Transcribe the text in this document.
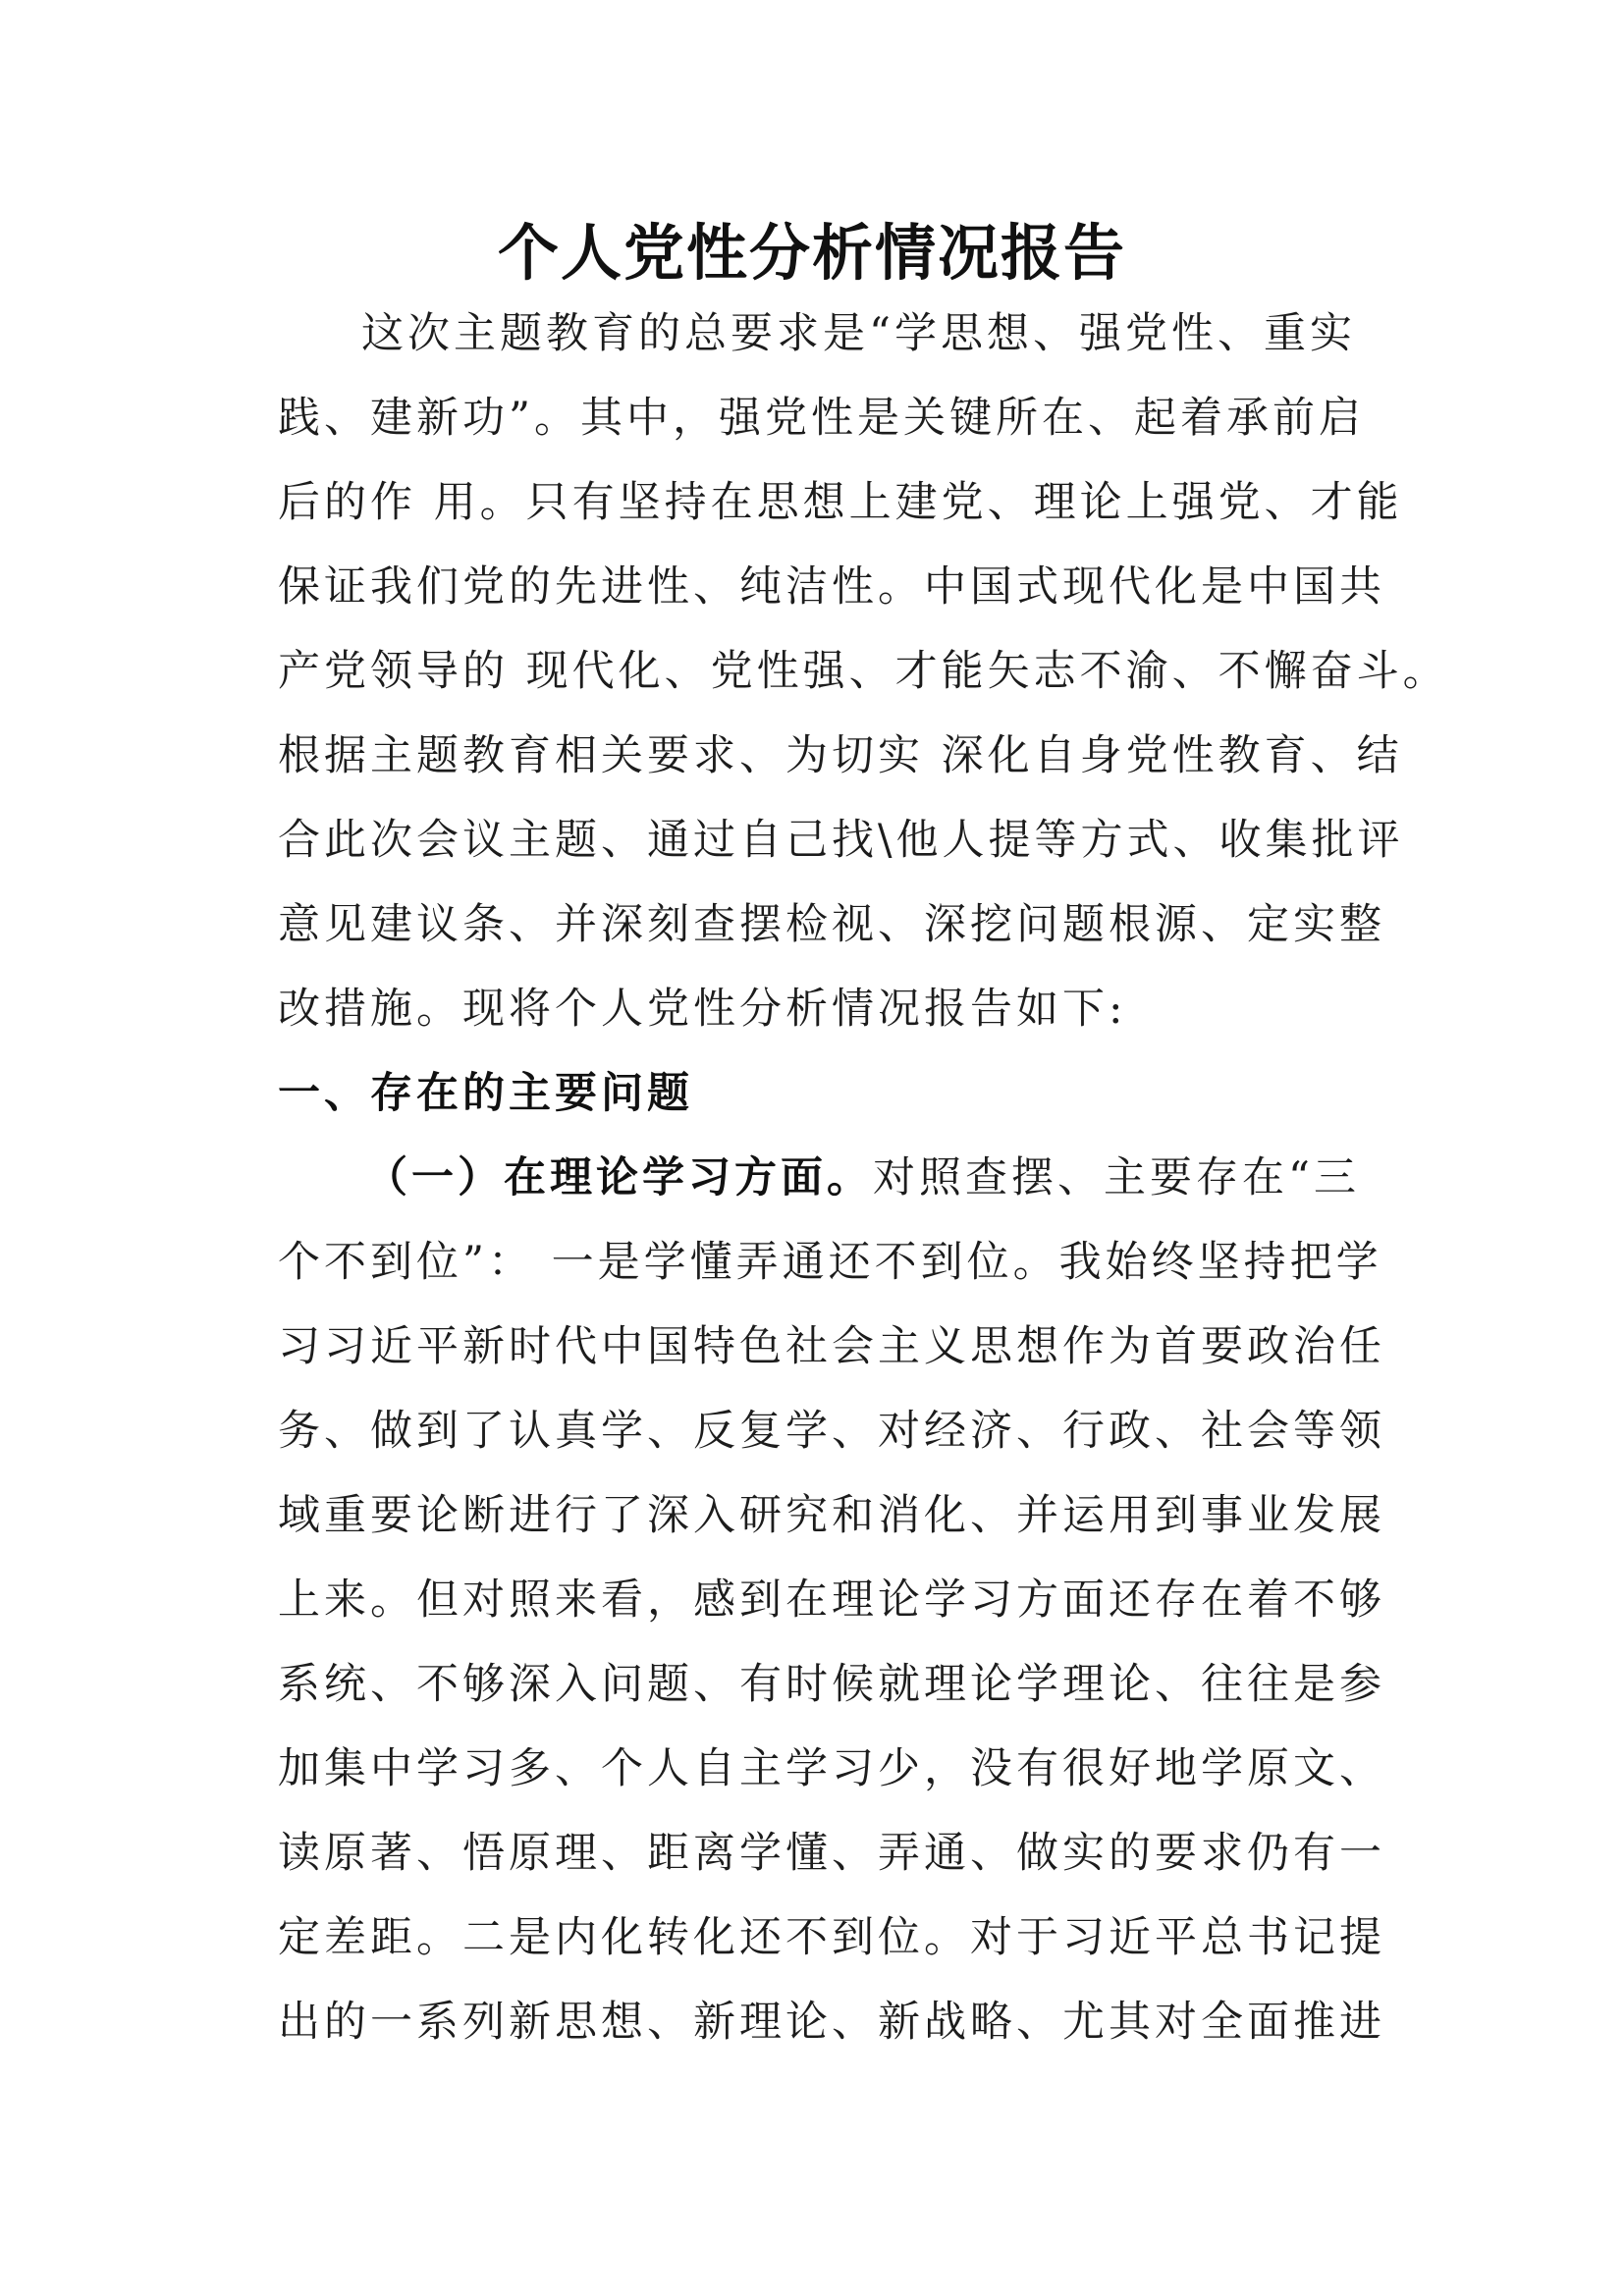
个人党性分析情况报告
这次主题教育的总要求是“学思想、强党性、重实
践、建新功”。其中，强党性是关键所在、起着承前启
后的作 用。只有坚持在思想上建党、理论上强党、才能
保证我们党的先进性、纯洁性。中国式现代化是中国共
产党领导的 现代化、党性强、才能矢志不渝、不懈奋斗。
根据主题教育相关要求、为切实 深化自身党性教育、结
合此次会议主题、通过自己找\他人提等方式、收集批评
意见建议条、并深刻查摆检视、深挖问题根源、定实整
改措施。现将个人党性分析情况报告如下:
一、存在的主要问题
（一）在理论学习方面。对照查摆、主要存在“三
个不到位”： 一是学懂弄通还不到位。我始终坚持把学
习习近平新时代中国特色社会主义思想作为首要政治任
务、做到了认真学、反复学、对经济、行政、社会等领
域重要论断进行了深入研究和消化、并运用到事业发展
上来。但对照来看，感到在理论学习方面还存在着不够
系统、不够深入问题、有时候就理论学理论、往往是参
加集中学习多、个人自主学习少，没有很好地学原文、
读原著、悟原理、距离学懂、弄通、做实的要求仍有一
定差距。二是内化转化还不到位。对于习近平总书记提
出的一系列新思想、新理论、新战略、尤其对全面推进
